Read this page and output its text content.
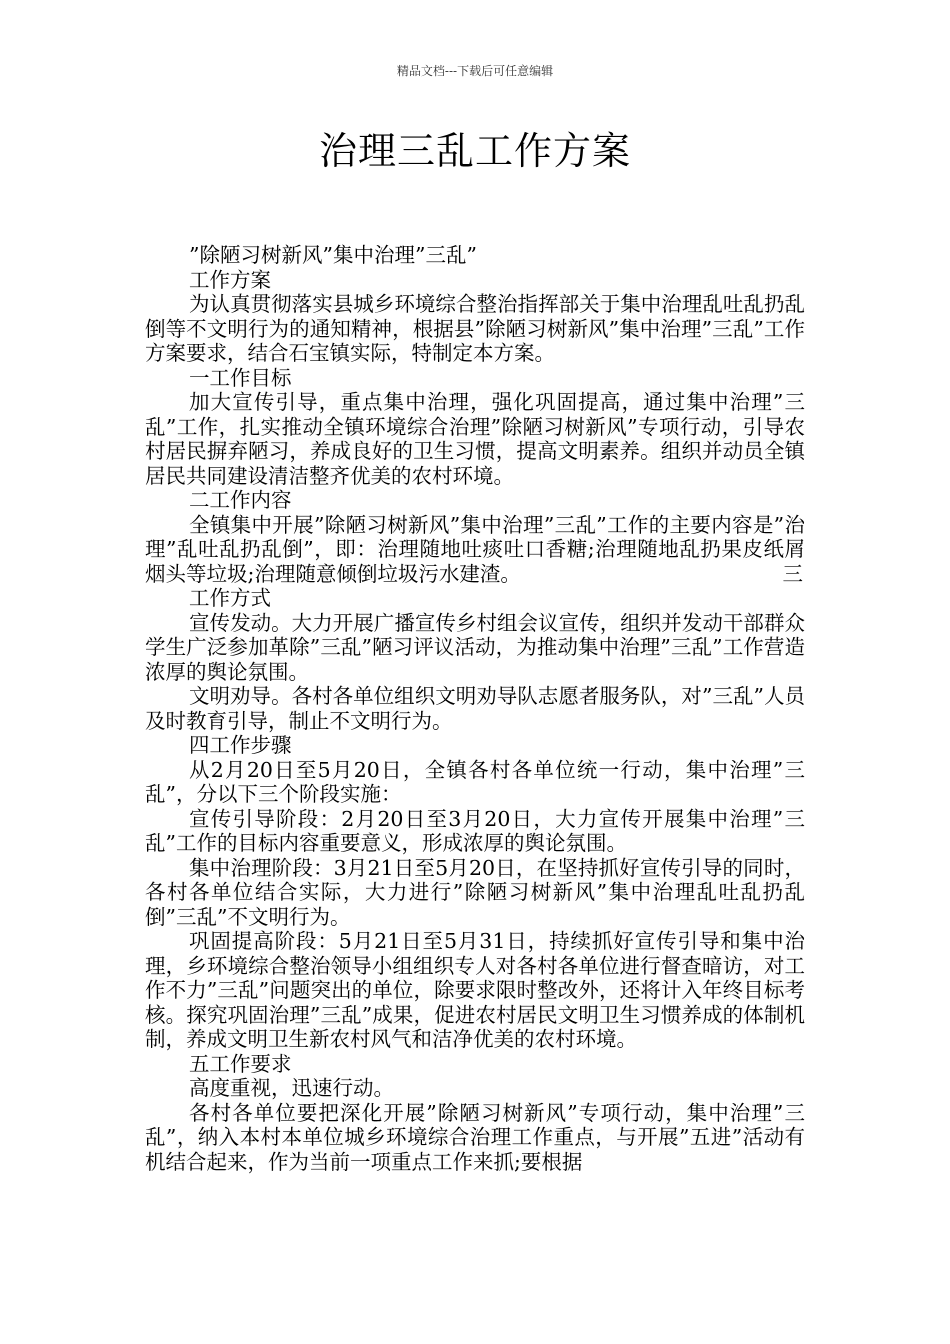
精品文档---下载后可任意编辑
治理三乱工作方案

”除陋习树新风”集中治理”三乱”

工作方案

为认真贯彻落实县城乡环境综合整治指挥部关于集中治理乱吐乱扔乱倒等不文明行为的通知精神，根据县”除陋习树新风”集中治理”三乱”工作方案要求，结合石宝镇实际，特制定本方案。

一工作目标

加大宣传引导，重点集中治理，强化巩固提高，通过集中治理”三乱”工作，扎实推动全镇环境综合治理”除陋习树新风”专项行动，引导农村居民摒弃陋习，养成良好的卫生习惯，提高文明素养。组织并动员全镇居民共同建设清洁整齐优美的农村环境。

二工作内容

全镇集中开展”除陋习树新风”集中治理”三乱”工作的主要内容是”治理”乱吐乱扔乱倒”，即：治理随地吐痰吐口香糖;治理随地乱扔果皮纸屑烟头等垃圾;治理随意倾倒垃圾污水建渣。	三

工作方式

宣传发动。大力开展广播宣传乡村组会议宣传，组织并发动干部群众学生广泛参加革除”三乱”陋习评议活动，为推动集中治理”三乱”工作营造浓厚的舆论氛围。

文明劝导。各村各单位组织文明劝导队志愿者服务队，对”三乱”人员及时教育引导，制止不文明行为。

四工作步骤

从2月20日至5月20日，全镇各村各单位统一行动，集中治理”三乱”，分以下三个阶段实施：

宣传引导阶段：2月20日至3月20日，大力宣传开展集中治理”三乱”工作的目标内容重要意义，形成浓厚的舆论氛围。

集中治理阶段：3月21日至5月20日，在坚持抓好宣传引导的同时，各村各单位结合实际，大力进行”除陋习树新风”集中治理乱吐乱扔乱倒”三乱”不文明行为。

巩固提高阶段：5月21日至5月31日，持续抓好宣传引导和集中治理，乡环境综合整治领导小组组织专人对各村各单位进行督查暗访，对工作不力”三乱”问题突出的单位，除要求限时整改外，还将计入年终目标考核。探究巩固治理”三乱”成果，促进农村居民文明卫生习惯养成的体制机制，养成文明卫生新农村风气和洁净优美的农村环境。

五工作要求

高度重视，迅速行动。

各村各单位要把深化开展”除陋习树新风”专项行动，集中治理”三乱”，纳入本村本单位城乡环境综合治理工作重点，与开展”五进”活动有机结合起来，作为当前一项重点工作来抓;要根据
